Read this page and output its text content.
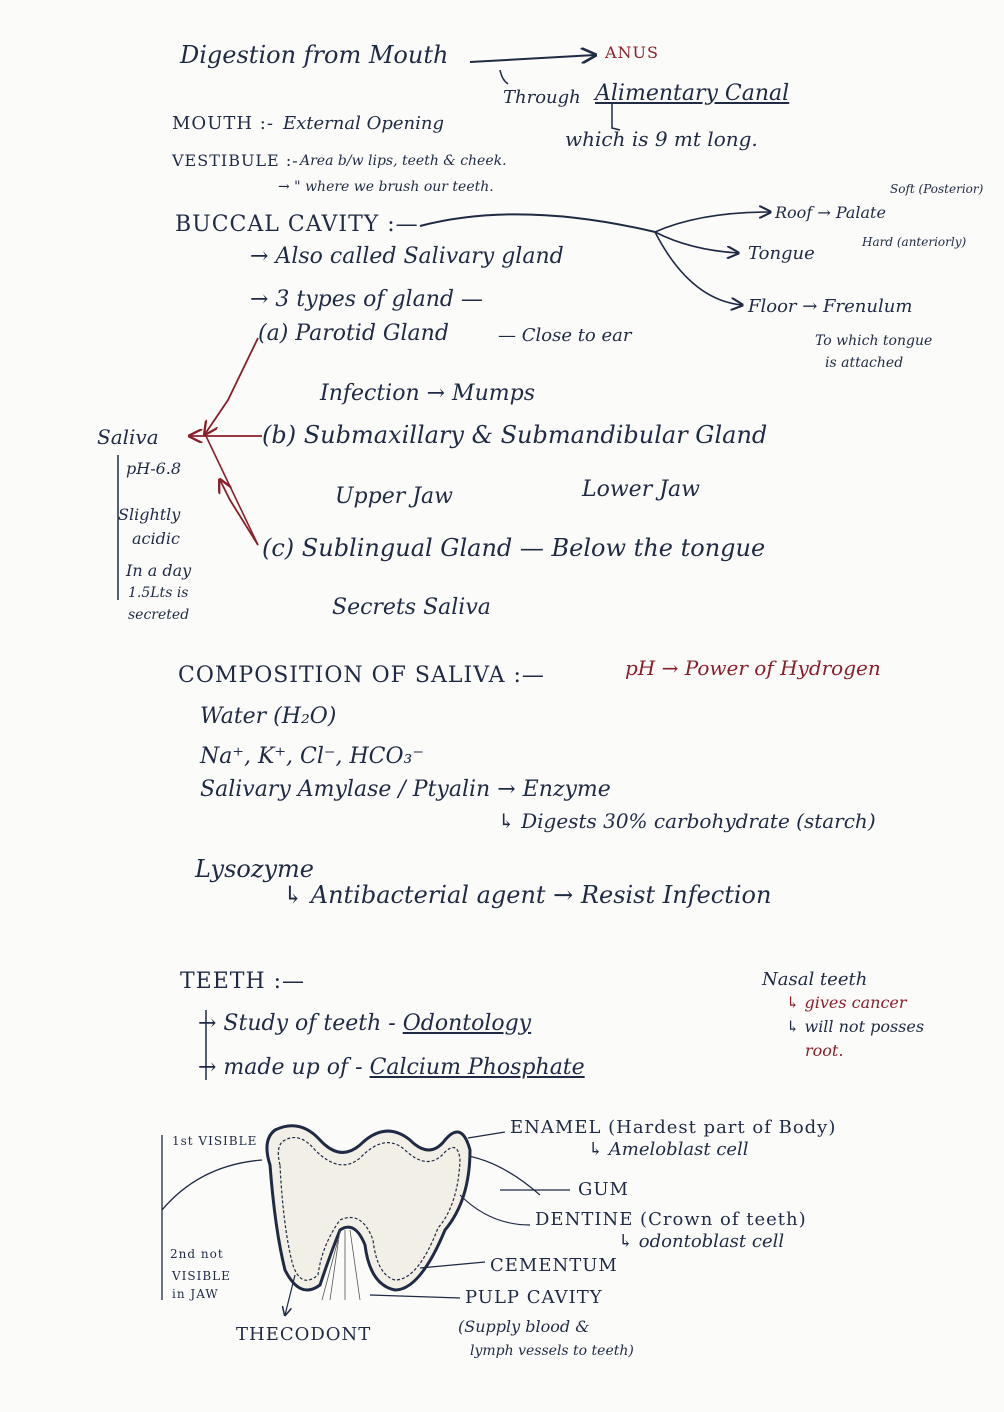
Digestion from Mouth	ANUS
Through Alimentary Canal
which is 9 mt long.
MOUTH :- External Opening
VESTIBULE :- Area b/w lips, teeth & cheek.
→ " where we brush our teeth.
BUCCAL CAVITY :—	Roof → Palate
Soft (Posterior)
Hard (anteriorly)
Tongue
Floor → Frenulum
To which tongue
is attached
→ Also called Salivary gland
→ 3 types of gland —
(a) Parotid Gland	— Close to ear
Infection → Mumps
(b) Submaxillary & Submandibular Gland
Upper Jaw	Lower Jaw
(c) Sublingual Gland — Below the tongue
Secrets Saliva
Saliva
pH-6.8
Slightly
acidic
In a day
1.5Lts is
secreted
COMPOSITION OF SALIVA :—	pH → Power of Hydrogen
Water (H₂O)
Na⁺, K⁺, Cl⁻, HCO₃⁻
Salivary Amylase / Ptyalin → Enzyme
↳ Digests 30% carbohydrate (starch)
Lysozyme
↳ Antibacterial agent → Resist Infection
TEETH :—
→ Study of teeth - Odontology
→ made up of - Calcium Phosphate
Nasal teeth
↳ gives cancer
↳ will not posses
root.
1st VISIBLE
2nd not
VISIBLE
in JAW
ENAMEL (Hardest part of Body)
↳ Ameloblast cell
GUM
DENTINE (Crown of teeth)
↳ odontoblast cell
CEMENTUM
PULP CAVITY
(Supply blood &
lymph vessels to teeth)
THECODONT
